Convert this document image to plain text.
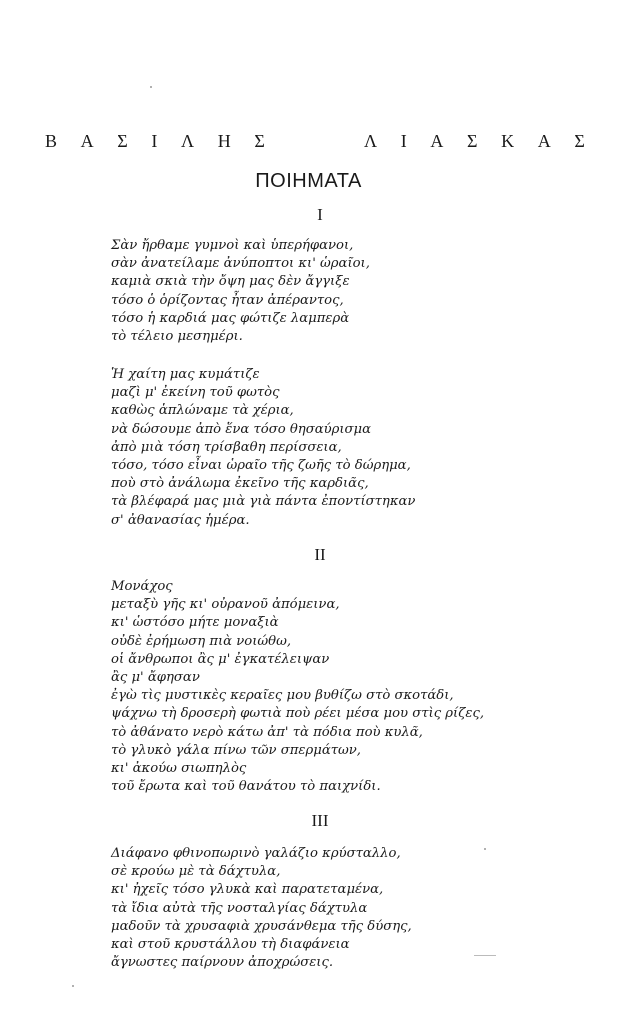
Β Α Σ Ι Λ Η Σ	Λ Ι Α Σ Κ Α Σ
ΠΟΙΗΜΑΤΑ
I
Σὰν ἤρθαμε γυμνοὶ καὶ ὑπερήφανοι,
σὰν ἀνατείλαμε ἀνύποπτοι κι' ὡραῖοι,
καμιὰ σκιὰ τὴν ὄψη μας δὲν ἄγγιξε
τόσο ὁ ὁρίζοντας ἦταν ἀπέραντος,
τόσο ἡ καρδιά μας φώτιζε λαμπερὰ
τὸ τέλειο μεσημέρι.
Ἡ χαίτη μας κυμάτιζε
μαζὶ μ' ἐκείνη τοῦ φωτὸς
καθὼς ἁπλώναμε τὰ χέρια,
νὰ δώσουμε ἀπὸ ἕνα τόσο θησαύρισμα
ἀπὸ μιὰ τόση τρίσβαθη περίσσεια,
τόσο, τόσο εἶναι ὡραῖο τῆς ζωῆς τὸ δώρημα,
ποὺ στὸ ἀνάλωμα ἐκεῖνο τῆς καρδιᾶς,
τὰ βλέφαρά μας μιὰ γιὰ πάντα ἐποντίστηκαν
σ' ἀθανασίας ἡμέρα.
II
Μονάχος
μεταξὺ γῆς κι' οὐρανοῦ ἀπόμεινα,
κι' ὡστόσο μήτε μοναξιὰ
οὐδὲ ἐρήμωση πιὰ νοιώθω,
οἱ ἄνθρωποι ἂς μ' ἐγκατέλειψαν
ἂς μ' ἄφησαν
ἐγὼ τὶς μυστικὲς κεραῖες μου βυθίζω στὸ σκοτάδι,
ψάχνω τὴ δροσερὴ φωτιὰ ποὺ ρέει μέσα μου στὶς ρίζες,
τὸ ἀθάνατο νερὸ κάτω ἀπ' τὰ πόδια ποὺ κυλᾶ,
τὸ γλυκὸ γάλα πίνω τῶν σπερμάτων,
κι' ἀκούω σιωπηλὸς
τοῦ ἔρωτα καὶ τοῦ θανάτου τὸ παιχνίδι.
III
Διάφανο φθινοπωρινὸ γαλάζιο κρύσταλλο,
σὲ κρούω μὲ τὰ δάχτυλα,
κι' ἠχεῖς τόσο γλυκὰ καὶ παρατεταμένα,
τὰ ἴδια αὐτὰ τῆς νοσταλγίας δάχτυλα
μαδοῦν τὰ χρυσαφιὰ χρυσάνθεμα τῆς δύσης,
καὶ στοῦ κρυστάλλου τὴ διαφάνεια
ἄγνωστες παίρνουν ἀποχρώσεις.
